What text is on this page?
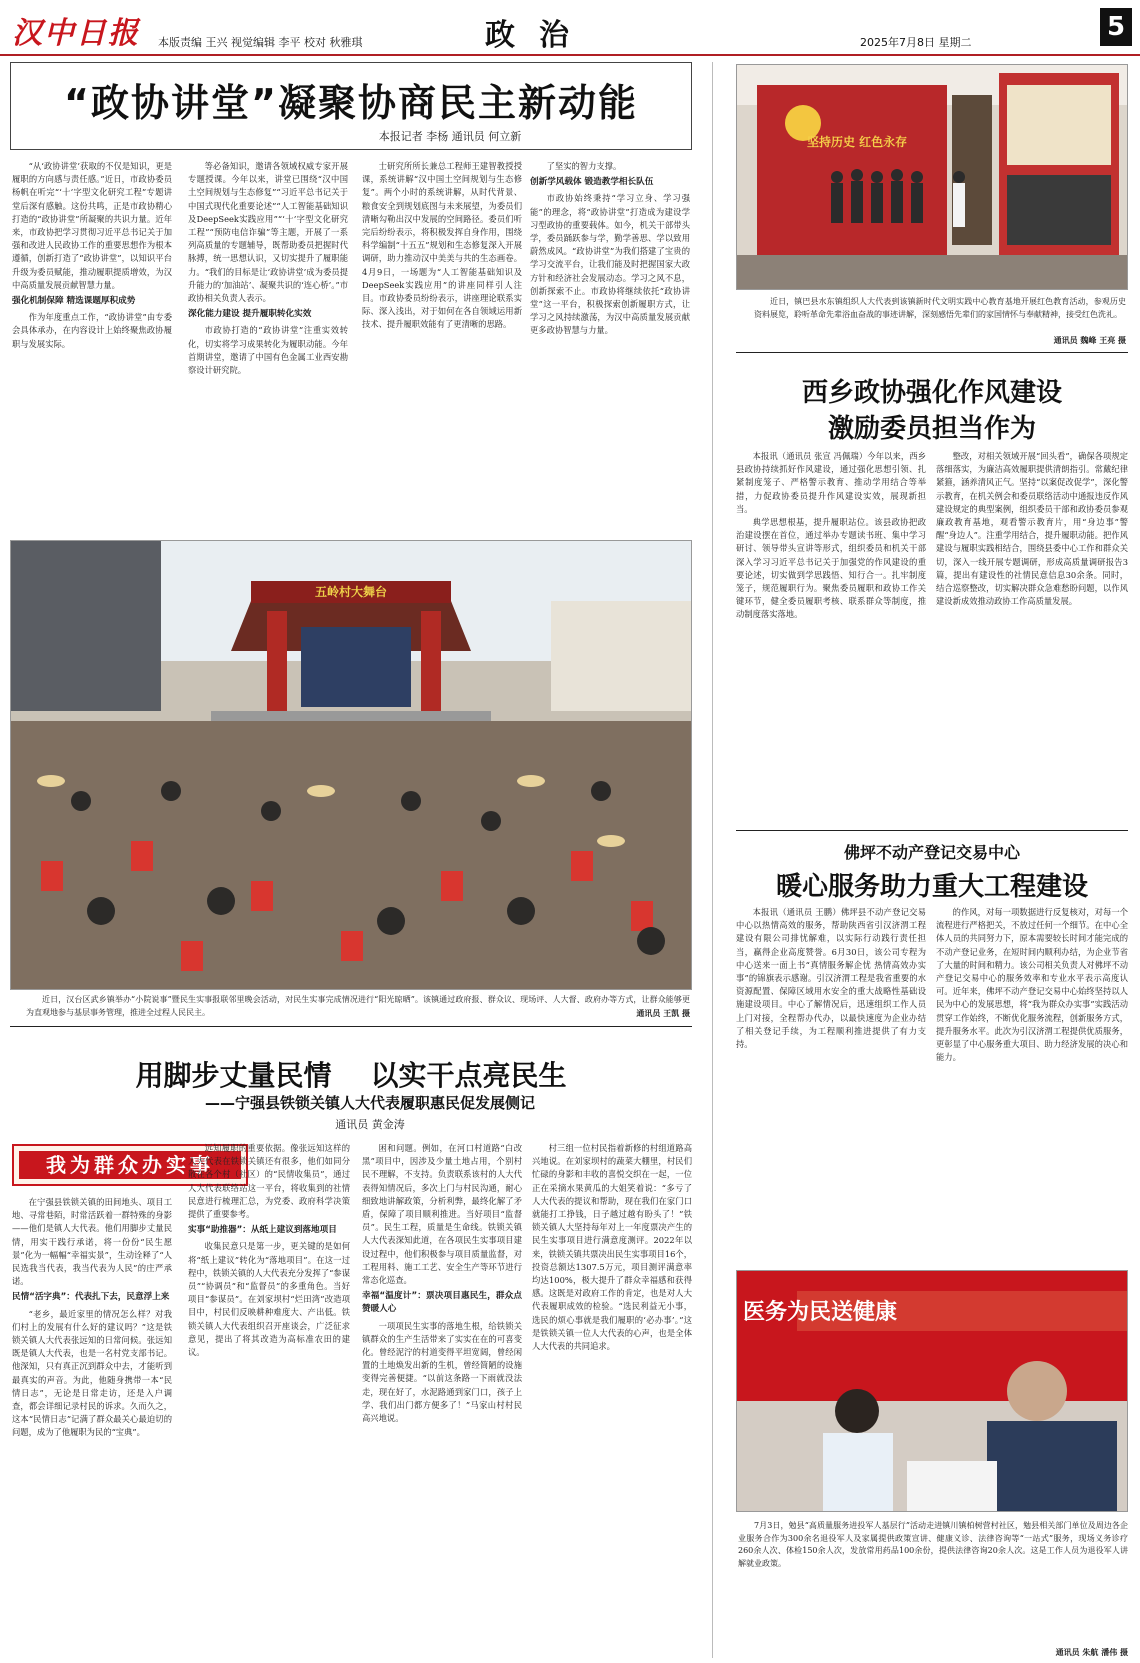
汉中日报 本版责编 王兴 视觉编辑 李平 校对 秋雅琪	政治	2025年7月8日 星期二
5
“政协讲堂”凝聚协商民主新动能
本报记者 李杨 通讯员 何立新

“从‘政协讲堂’获取的不仅是知识，更是履职的方向感与责任感。”近日，市政协委员杨帆在听完“‘十’字型文化研究工程”专题讲堂后深有感触。这份共鸣，正是市政协精心打造的“政协讲堂”所凝聚的共识力量。近年来，市政协把学习贯彻习近平总书记关于加强和改进人民政协工作的重要思想作为根本遵循，创新打造了“政协讲堂”，以知识平台升级为委员赋能，推动履职提质增效，为汉中高质量发展贡献智慧力量。

强化机制保障 精选课题厚积成势

作为年度重点工作，“政协讲堂”由专委会具体承办，在内容设计上始终聚焦政协履职与发展实际。

等必备知识，邀请各领域权威专家开展专题授课。今年以来，讲堂已围绕“汉中国土空间规划与生态修复”“习近平总书记关于中国式现代化重要论述”“人工智能基础知识及DeepSeek实践应用”“‘十’字型文化研究工程”“预防电信诈骗”等主题，开展了一系列高质量的专题辅导，既帮助委员把握时代脉搏，统一思想认识，又切实提升了履职能力。“我们的目标是让‘政协讲堂’成为委员提升能力的‘加油站’、凝聚共识的‘连心桥’。”市政协相关负责人表示。

深化能力建设 提升履职转化实效

市政协打造的“政协讲堂”注重实效转化，切实将学习成果转化为履职动能。今年首期讲堂，邀请了中国有色金属工业西安勘察设计研究院。

士研究所所长兼总工程师王建智教授授课，系统讲解“汉中国土空间规划与生态修复”。两个小时的系统讲解，从时代背景、粮食安全到规划底图与未来展望，为委员们清晰勾勒出汉中发展的空间路径。委员们听完后纷纷表示，将积极发挥自身作用，围绕科学编制“十五五”规划和生态修复深入开展调研，助力推动汉中美美与共的生态画卷。4月9日，一场题为“人工智能基础知识及DeepSeek实践应用”的讲座同样引人注目。市政协委员纷纷表示，讲座理论联系实际、深入浅出，对于如何在各自领域运用新技术、提升履职效能有了更清晰的思路。

了坚实的智力支撑。

创新学风载体 锻造教学相长队伍

市政协始终秉持“学习立身、学习强能”的理念，将“政协讲堂”打造成为建设学习型政协的重要载体。如今，机关干部带头学，委员踊跃参与学，勤学善思、学以致用蔚然成风。“政协讲堂”为我们搭建了宝贵的学习交流平台，让我们能及时把握国家大政方针和经济社会发展动态。学习之风不息，创新探索不止。市政协将继续依托“政协讲堂”这一平台，积极探索创新履职方式，让学习之风持续激荡，为汉中高质量发展贡献更多政协智慧与力量。

坚持历史 红色永存
近日，镇巴县水东镇组织人大代表到该镇新时代文明实践中心教育基地开展红色教育活动，参观历史资料展览，聆听革命先辈浴血奋战的事迹讲解，深刻感悟先辈们的家国情怀与奉献精神，接受红色洗礼。
通讯员 魏峰 王亮 摄
西乡政协强化作风建设
激励委员担当作为

本报讯（通讯员 张宣 冯佩瑞）今年以来，西乡县政协持续抓好作风建设，通过强化思想引领、扎紧制度笼子、严格警示教育、推动学用结合等举措，力促政协委员提升作风建设实效，展现新担当。

典学思想根基，提升履职站位。该县政协把政治建设摆在首位，通过举办专题读书班、集中学习研讨、领导带头宣讲等形式，组织委员和机关干部深入学习习近平总书记关于加强党的作风建设的重要论述，切实做到学思践悟、知行合一。扎牢制度笼子，规范履职行为。聚焦委员履职和政协工作关键环节，健全委员履职考核、联系群众等制度，推动制度落实落地。

整改，对相关领域开展“回头看”，确保各项规定落细落实，为廉洁高效履职提供清朗指引。常戴纪律紧箍，涵养清风正气。坚持“以案促改促学”，深化警示教育，在机关例会和委员联络活动中通报违反作风建设规定的典型案例，组织委员干部和政协委员参观廉政教育基地，观看警示教育片，用“身边事”警醒“身边人”。注重学用结合，提升履职动能。把作风建设与履职实践相结合，围绕县委中心工作和群众关切，深入一线开展专题调研，形成高质量调研报告3篇，提出有建设性的社情民意信息30余条。同时，结合巡察整改，切实解决群众急难愁盼问题，以作风建设新成效推动政协工作高质量发展。

五岭村大舞台
近日，汉台区武乡镇举办“小院说事”暨民生实事报联邻里晚会活动，对民生实事完成情况进行“阳光晾晒”。该镇通过政府报、群众议、现场评、人大督、政府办等方式，让群众能够更为直观地参与基层事务管理，推进全过程人民民主。	通讯员 王凯 摄
佛坪不动产登记交易中心
暖心服务助力重大工程建设

本报讯（通讯员 王鹏）佛坪县不动产登记交易中心以热情高效的服务，帮助陕西省引汉济渭工程建设有限公司排忧解难，以实际行动践行责任担当，赢得企业高度赞誉。6月30日，该公司专程为中心送来一面上书“真情服务解企忧 热情高效办实事”的锦旗表示感谢。引汉济渭工程是我省重要的水资源配置、保障区域用水安全的重大战略性基础设施建设项目。中心了解情况后，迅速组织工作人员上门对接，全程帮办代办，以最快速度为企业办结了相关登记手续，为工程顺利推进提供了有力支持。

的作风，对每一项数据进行反复核对，对每一个流程进行严格把关，不放过任何一个细节。在中心全体人员的共同努力下，原本需要较长时间才能完成的不动产登记业务，在短时间内顺利办结，为企业节省了大量的时间和精力。该公司相关负责人对佛坪不动产登记交易中心的服务效率和专业水平表示高度认可。近年来，佛坪不动产登记交易中心始终坚持以人民为中心的发展思想，将“我为群众办实事”实践活动贯穿工作始终，不断优化服务流程，创新服务方式，提升服务水平。此次为引汉济渭工程提供优质服务，更彰显了中心服务重大项目、助力经济发展的决心和能力。

医务为民送健康
7月3日，勉县“高质量服务进投军人基层行”活动走进镇川镇柏树营村社区，勉县相关部门单位及周边各企业服务合作为300余名退役军人及家属提供政策宣讲、健康义诊、法律咨询等“一站式”服务，现场义务诊疗260余人次、体检150余人次，发放常用药品100余份，提供法律咨询20余人次。这是工作人员为退役军人讲解就业政策。
通讯员 朱航 潘伟 摄
用脚步丈量民情    以实干点亮民生
——宁强县铁锁关镇人大代表履职惠民促发展侧记
通讯员 黄金涛
我为群众办实事

在宁强县铁锁关镇的田间地头、项目工地、寻常巷陌，时常活跃着一群特殊的身影——他们是镇人大代表。他们用脚步丈量民情，用实干践行承诺，将一份份“民生愿景”化为一幅幅“幸福实景”，生动诠释了“人民选我当代表，我当代表为人民”的庄严承诺。

民情“活字典”：代表扎下去，民意浮上来

“老乡，最近家里的情况怎么样？对我们村上的发展有什么好的建议吗？”这是铁锁关镇人大代表张远知的日常问候。张远知既是镇人大代表，也是一名村党支部书记。他深知，只有真正沉到群众中去，才能听到最真实的声音。为此，他随身携带一本“民情日志”，无论是日常走访，还是入户调查，都会详细记录村民的诉求。久而久之，这本“民情日志”记满了群众最关心最迫切的问题，成为了他履职为民的“宝典”。

远知履职的重要依据。像张远知这样的人大代表在铁锁关镇还有很多，他们如同分散在各个村（社区）的“民情收集员”，通过人大代表联络站这一平台，将收集到的社情民意进行梳理汇总，为党委、政府科学决策提供了重要参考。

实事“助推器”：从纸上建议到落地项目

收集民意只是第一步，更关键的是如何将“纸上建议”转化为“落地项目”。在这一过程中，铁锁关镇的人大代表充分发挥了“参谋员”“协调员”和“监督员”的多重角色。当好项目“参谋员”。在刘家坝村“烂田湾”改造项目中，村民们反映耕种难度大、产出低。铁锁关镇人大代表组织召开座谈会，广泛征求意见，提出了将其改造为高标准农田的建议。

困和问题。例如，在河口村道路“白改黑”项目中，因涉及少量土地占用，个别村民不理解，不支持。负责联系该村的人大代表得知情况后，多次上门与村民沟通，耐心细致地讲解政策，分析利弊，最终化解了矛盾，保障了项目顺利推进。当好项目“监督员”。民生工程，质量是生命线。铁锁关镇人大代表深知此道，在各项民生实事项目建设过程中，他们积极参与项目质量监督，对工程用料、施工工艺、安全生产等环节进行常态化巡查。

幸福“温度计”：票决项目惠民生，群众点赞暖人心

一项项民生实事的落地生根，给铁锁关镇群众的生产生活带来了实实在在的可喜变化。曾经泥泞的村道变得平坦宽阔，曾经闲置的土地焕发出新的生机，曾经简陋的设施变得完善便捷。“以前这条路一下雨就没法走，现在好了，水泥路通到家门口，孩子上学、我们出门都方便多了！”马家山村村民高兴地说。

村三组一位村民指着新修的村组道路高兴地说。在刘家坝村的蔬菜大棚里，村民们忙碌的身影和丰收的喜悦交织在一起，一位正在采摘水果黄瓜的大姐笑着说：“多亏了人大代表的提议和帮助，现在我们在家门口就能打工挣钱，日子越过越有盼头了！”铁锁关镇人大坚持每年对上一年度票决产生的民生实事项目进行满意度测评。2022年以来，铁锁关镇共票决出民生实事项目16个，投资总额达1307.5万元，项目测评满意率均达100%，极大提升了群众幸福感和获得感。这既是对政府工作的肯定，也是对人大代表履职成效的检验。“选民利益无小事，选民的烦心事就是我们履职的‘必办事’。”这是铁锁关镇一位人大代表的心声，也是全体人大代表的共同追求。
